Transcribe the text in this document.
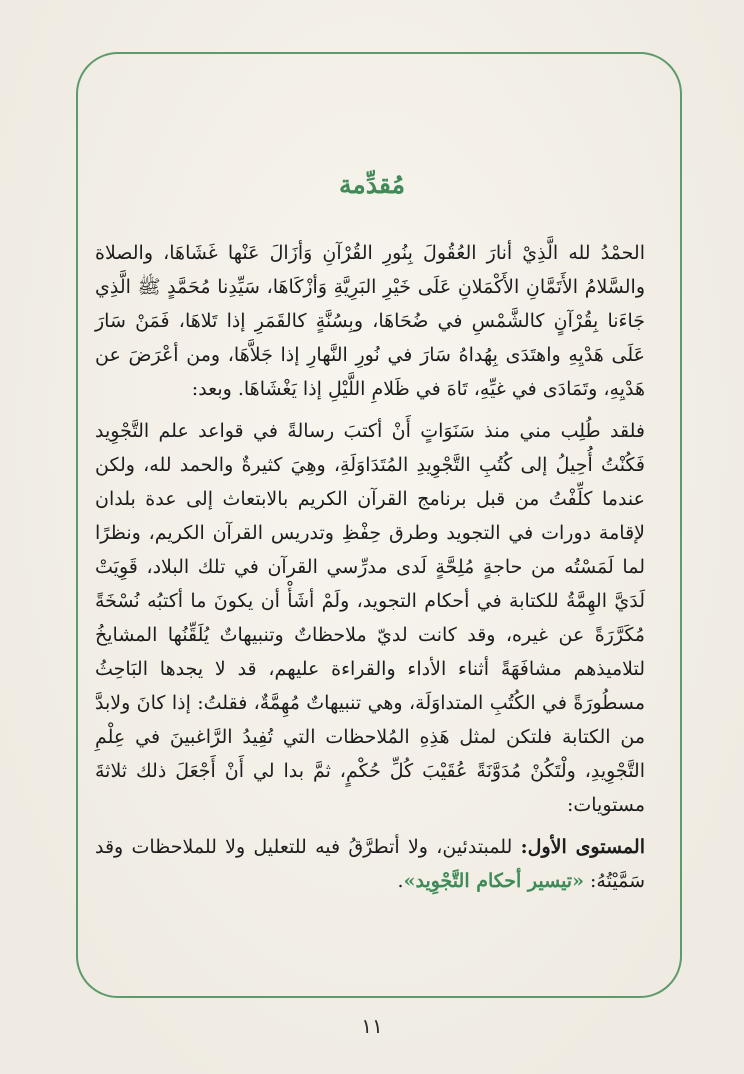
مُقدِّمة

الحمْدُ لله الَّذِيْ أنارَ العُقُولَ بِنُورِ القُرْآنِ وَأزَالَ عَنْها غَشَاهَا، والصلاة والسَّلامُ الأَتَمَّانِ الأَكْمَلانِ عَلَى خَيْرِ البَرِيَّةِ وَأزْكَاهَا، سَيِّدِنا مُحَمَّدٍ ﷺ الَّذِي جَاءَنا بِقُرْآنٍ كالشَّمْسِ في ضُحَاهَا، وبِسُنَّةٍ كالقَمَرِ إذا تَلاهَا، فَمَنْ سَارَ عَلَى هَدْيِهِ واهتَدَى بِهُداهُ سَارَ في نُورِ النَّهارِ إذا جَلاَّهَا، ومن أعْرَضَ عن هَدْيِهِ، وتَمَادَى في غيِّهِ، تَاهَ في ظَلامِ اللَّيْلِ إذا يَغْشَاهَا. وبعد:

فلقد طُلِب مني منذ سَنَوَاتٍ أَنْ أكتبَ رسالةً في قواعد علم التَّجْوِيد فَكُنْتُ أُحِيلُ إلى كُتُبِ التَّجْوِيدِ المُتَدَاوَلَةِ، وهِيَ كثيرةٌ والحمد لله، ولكن عندما كلِّفْتُ من قبل برنامج القرآن الكريم بالابتعاث إلى عدة بلدان لإقامة دورات في التجويد وطرق حِفْظِ وتدريس القرآن الكريم، ونظرًا لما لَمَسْتُه من حاجةٍ مُلِحَّةٍ لَدى مدرِّسي القرآن في تلك البلاد، قَوِيَتْ لَدَيَّ الهِمَّةُ للكتابة في أحكام التجويد، ولَمْ أشَأْ أن يكونَ ما أكتبُه نُسْخَةً مُكَرَّرَةً عن غيره، وقد كانت لديّ ملاحظاتٌ وتنبيهاتٌ يُلَقِّنُها المشايخُ لتلاميذهم مشافَهَةً أثناء الأداء والقراءة عليهم، قد لا يجدها البَاحِثُ مسطُورَةً في الكُتُبِ المتداوَلَة، وهي تنبيهاتٌ مُهِمَّةٌ، فقلتُ: إذا كانَ ولابدَّ من الكتابة فلتكن لمثل هَذِهِ المُلاحظات التي تُفِيدُ الرَّاغبينَ في عِلْمِ التَّجْوِيدِ، ولْتَكُنْ مُدَوَّنَةً عُقَيْبَ كُلِّ حُكْمٍ، ثمَّ بدا لي أَنْ أَجْعَلَ ذلك ثلاثةَ مستويات:

المستوى الأول: للمبتدئين، ولا أتطرَّقُ فيه للتعليل ولا للملاحظات وقد سَمَّيْتُهُ: «تيسير أحكام التَّجْوِيد».

١١
